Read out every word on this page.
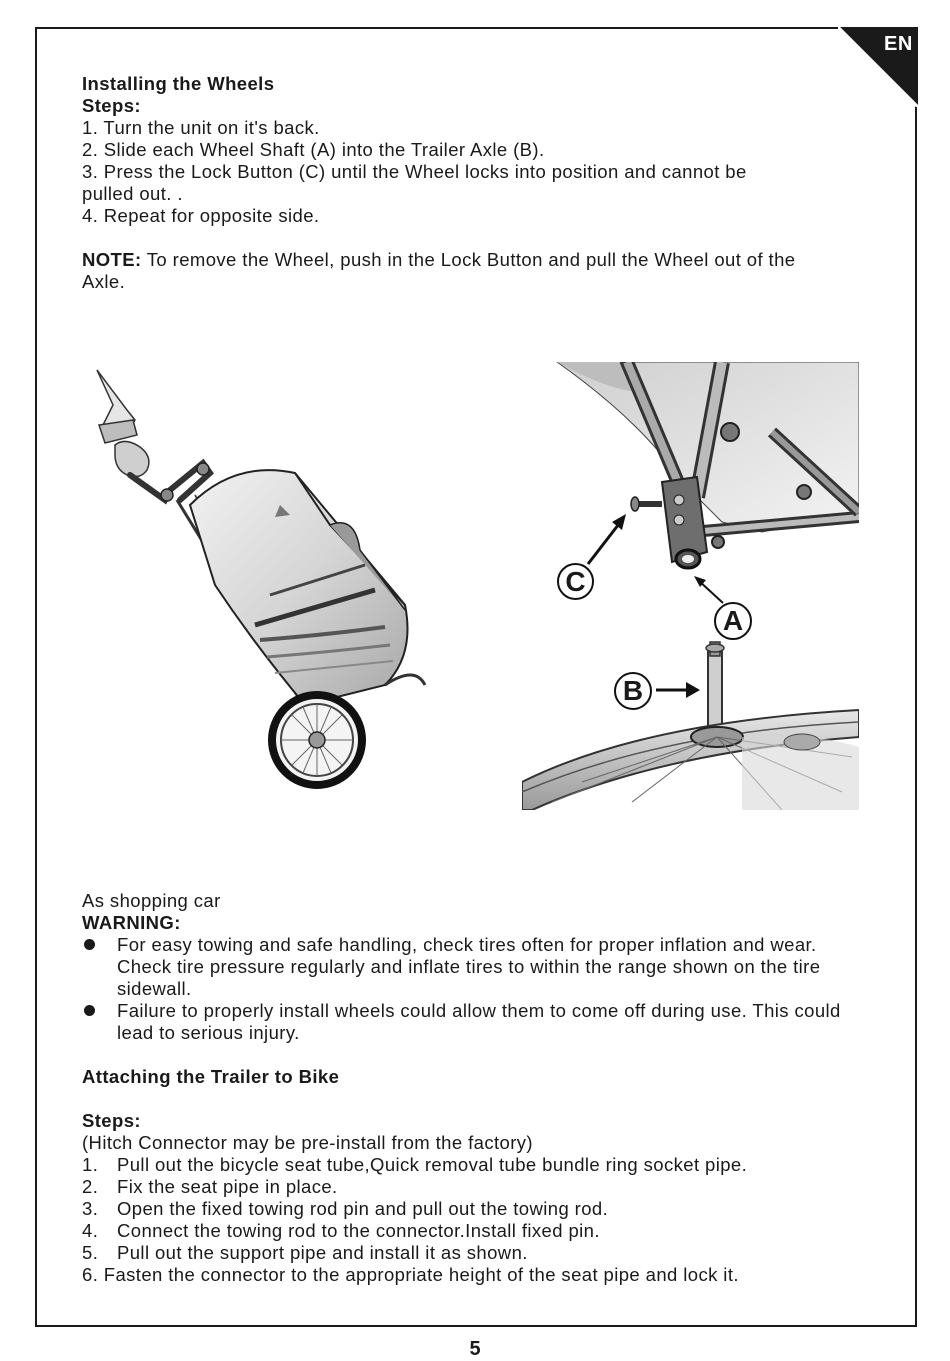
EN
Installing the Wheels
Steps:
1. Turn the unit on it's back.
2. Slide each Wheel Shaft (A) into the Trailer Axle (B).
3. Press the Lock Button (C) until the Wheel locks into position and cannot be
pulled out. .
4. Repeat for opposite side.

NOTE: To remove the Wheel, push in the Lock Button and pull the Wheel out of the
Axle.
C
A
B
As shopping car
WARNING:
For easy towing and safe handling, check tires often for proper inflation and wear. Check tire pressure regularly and inflate tires to within the range shown on the tire sidewall.
Failure to properly install wheels could allow them to come off during use. This could lead to serious injury.
Attaching the Trailer to Bike

Steps:
(Hitch Connector may be pre-install from the factory)
1. Pull out the bicycle seat tube,Quick removal tube bundle ring socket pipe.
2. Fix the seat pipe in place.
3. Open the fixed towing rod pin and pull out the towing rod.
4. Connect the towing rod to the connector.Install fixed pin.
5. Pull out the support pipe and install it as shown.
6. Fasten the connector to the appropriate height of the seat pipe and lock it.
5
